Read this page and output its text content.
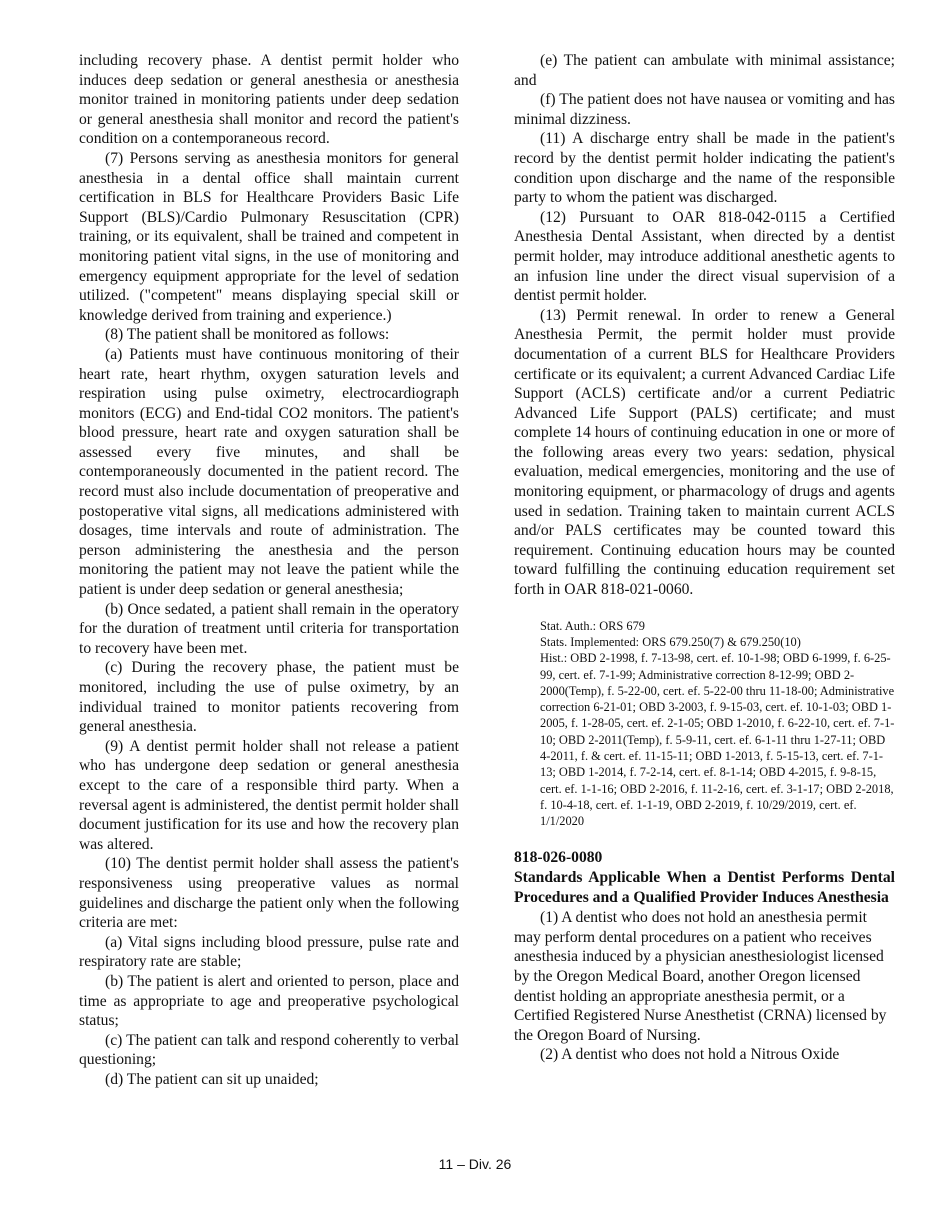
including recovery phase. A dentist permit holder who induces deep sedation or general anesthesia or anesthesia monitor trained in monitoring patients under deep sedation or general anesthesia shall monitor and record the patient's condition on a contemporaneous record.

(7) Persons serving as anesthesia monitors for general anesthesia in a dental office shall maintain current certification in BLS for Healthcare Providers Basic Life Support (BLS)/Cardio Pulmonary Resuscitation (CPR) training, or its equivalent, shall be trained and competent in monitoring patient vital signs, in the use of monitoring and emergency equipment appropriate for the level of sedation utilized. ("competent" means displaying special skill or knowledge derived from training and experience.)

(8) The patient shall be monitored as follows:

(a) Patients must have continuous monitoring of their heart rate, heart rhythm, oxygen saturation levels and respiration using pulse oximetry, electrocardiograph monitors (ECG) and End-tidal CO2 monitors. The patient's blood pressure, heart rate and oxygen saturation shall be assessed every five minutes, and shall be contemporaneously documented in the patient record. The record must also include documentation of preoperative and postoperative vital signs, all medications administered with dosages, time intervals and route of administration. The person administering the anesthesia and the person monitoring the patient may not leave the patient while the patient is under deep sedation or general anesthesia;

(b) Once sedated, a patient shall remain in the operatory for the duration of treatment until criteria for transportation to recovery have been met.

(c) During the recovery phase, the patient must be monitored, including the use of pulse oximetry, by an individual trained to monitor patients recovering from general anesthesia.

(9) A dentist permit holder shall not release a patient who has undergone deep sedation or general anesthesia except to the care of a responsible third party. When a reversal agent is administered, the dentist permit holder shall document justification for its use and how the recovery plan was altered.

(10) The dentist permit holder shall assess the patient's responsiveness using preoperative values as normal guidelines and discharge the patient only when the following criteria are met:

(a) Vital signs including blood pressure, pulse rate and respiratory rate are stable;

(b) The patient is alert and oriented to person, place and time as appropriate to age and preoperative psychological status;

(c) The patient can talk and respond coherently to verbal questioning;

(d) The patient can sit up unaided;

(e) The patient can ambulate with minimal assistance; and

(f) The patient does not have nausea or vomiting and has minimal dizziness.

(11) A discharge entry shall be made in the patient's record by the dentist permit holder indicating the patient's condition upon discharge and the name of the responsible party to whom the patient was discharged.

(12) Pursuant to OAR 818-042-0115 a Certified Anesthesia Dental Assistant, when directed by a dentist permit holder, may introduce additional anesthetic agents to an infusion line under the direct visual supervision of a dentist permit holder.

(13) Permit renewal. In order to renew a General Anesthesia Permit, the permit holder must provide documentation of a current BLS for Healthcare Providers certificate or its equivalent; a current Advanced Cardiac Life Support (ACLS) certificate and/or a current Pediatric Advanced Life Support (PALS) certificate; and must complete 14 hours of continuing education in one or more of the following areas every two years: sedation, physical evaluation, medical emergencies, monitoring and the use of monitoring equipment, or pharmacology of drugs and agents used in sedation. Training taken to maintain current ACLS and/or PALS certificates may be counted toward this requirement. Continuing education hours may be counted toward fulfilling the continuing education requirement set forth in OAR 818-021-0060.

Stat. Auth.: ORS 679
Stats. Implemented: ORS 679.250(7) & 679.250(10)
Hist.: OBD 2-1998, f. 7-13-98, cert. ef. 10-1-98; OBD 6-1999, f. 6-25-99, cert. ef. 7-1-99; Administrative correction 8-12-99; OBD 2-2000(Temp), f. 5-22-00, cert. ef. 5-22-00 thru 11-18-00; Administrative correction 6-21-01; OBD 3-2003, f. 9-15-03, cert. ef. 10-1-03; OBD 1-2005, f. 1-28-05, cert. ef. 2-1-05; OBD 1-2010, f. 6-22-10, cert. ef. 7-1-10; OBD 2-2011(Temp), f. 5-9-11, cert. ef. 6-1-11 thru 1-27-11; OBD 4-2011, f. & cert. ef. 11-15-11; OBD 1-2013, f. 5-15-13, cert. ef. 7-1-13; OBD 1-2014, f. 7-2-14, cert. ef. 8-1-14; OBD 4-2015, f. 9-8-15, cert. ef. 1-1-16; OBD 2-2016, f. 11-2-16, cert. ef. 3-1-17; OBD 2-2018, f. 10-4-18, cert. ef. 1-1-19, OBD 2-2019, f. 10/29/2019, cert. ef. 1/1/2020
818-026-0080
Standards Applicable When a Dentist Performs Dental Procedures and a Qualified Provider Induces Anesthesia

(1) A dentist who does not hold an anesthesia permit may perform dental procedures on a patient who receives anesthesia induced by a physician anesthesiologist licensed by the Oregon Medical Board, another Oregon licensed dentist holding an appropriate anesthesia permit, or a Certified Registered Nurse Anesthetist (CRNA) licensed by the Oregon Board of Nursing.

(2) A dentist who does not hold a Nitrous Oxide

11 – Div. 26
